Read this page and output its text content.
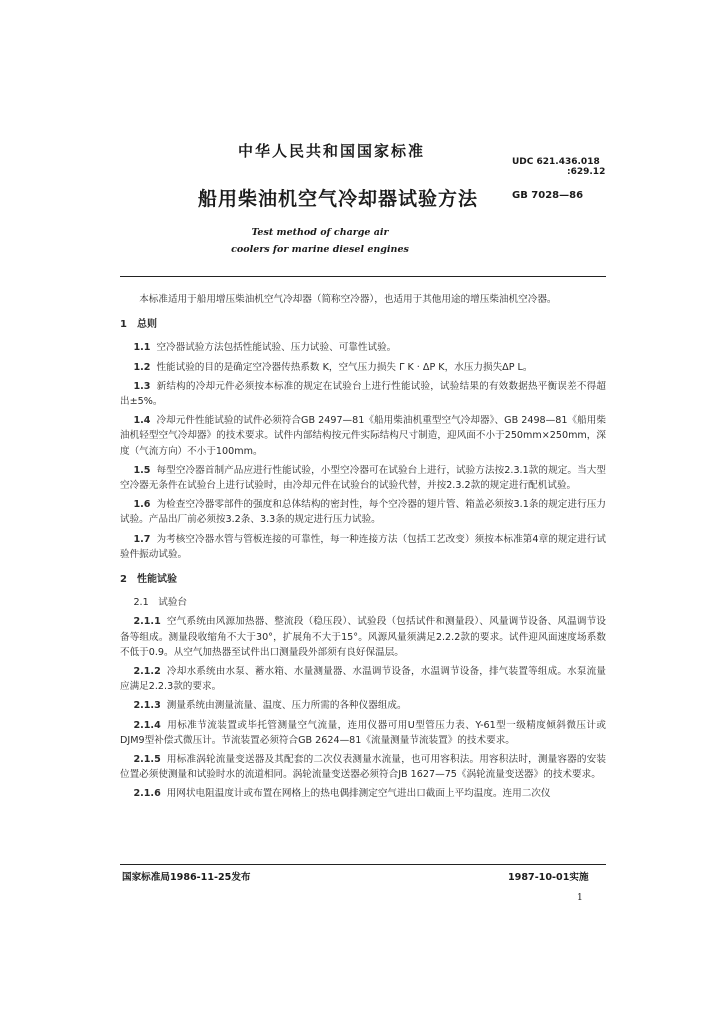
中华人民共和国国家标准
UDC 621.436.018
:629.12
船用柴油机空气冷却器试验方法	GB 7028—86
Test method of charge air
coolers for marine diesel engines

本标准适用于船用增压柴油机空气冷却器（简称空冷器），也适用于其他用途的增压柴油机空冷器。

1　总则

1.1 空冷器试验方法包括性能试验、压力试验、可靠性试验。

1.2 性能试验的目的是确定空冷器传热系数 K，空气压力损失 Γ K · ΔP K，水压力损失ΔP L。

1.3 新结构的冷却元件必须按本标准的规定在试验台上进行性能试验，试验结果的有效数据热平衡误差不得超出±5%。

1.4 冷却元件性能试验的试件必须符合GB 2497—81《船用柴油机重型空气冷却器》、GB 2498—81《船用柴油机轻型空气冷却器》的技术要求。试件内部结构按元件实际结构尺寸制造，迎风面不小于250mm×250mm，深度（气流方向）不小于100mm。

1.5 每型空冷器首制产品应进行性能试验，小型空冷器可在试验台上进行，试验方法按2.3.1款的规定。当大型空冷器无条件在试验台上进行试验时，由冷却元件在试验台的试验代替，并按2.3.2款的规定进行配机试验。

1.6 为检查空冷器零部件的强度和总体结构的密封性，每个空冷器的翅片管、箱盖必须按3.1条的规定进行压力试验。产品出厂前必须按3.2条、3.3条的规定进行压力试验。

1.7 为考核空冷器水管与管板连接的可靠性，每一种连接方法（包括工艺改变）须按本标准第4章的规定进行试验件振动试验。

2　性能试验

2.1　试验台

2.1.1 空气系统由风源加热器、整流段（稳压段）、试验段（包括试件和测量段）、风量调节设备、风温调节设备等组成。测量段收缩角不大于30°，扩展角不大于15°。风源风量须满足2.2.2款的要求。试件迎风面速度场系数不低于0.9。从空气加热器至试件出口测量段外部须有良好保温层。

2.1.2 冷却水系统由水泵、蓄水箱、水量测量器、水温调节设备，水温调节设备，排气装置等组成。水泵流量应满足2.2.3款的要求。

2.1.3 测量系统由测量流量、温度、压力所需的各种仪器组成。

2.1.4 用标准节流装置或毕托管测量空气流量，连用仪器可用U型管压力表、Y-61型一级精度倾斜微压计或DJM9型补偿式微压计。节流装置必须符合GB 2624—81《流量测量节流装置》的技术要求。

2.1.5 用标准涡轮流量变送器及其配套的二次仪表测量水流量，也可用容积法。用容积法时，测量容器的安装位置必须使测量和试验时水的流道相同。涡轮流量变送器必须符合JB 1627—75《涡轮流量变送器》的技术要求。

2.1.6 用网状电阻温度计或布置在网格上的热电偶排测定空气进出口截面上平均温度。连用二次仪

国家标准局1986-11-25发布	1987-10-01实施
1
